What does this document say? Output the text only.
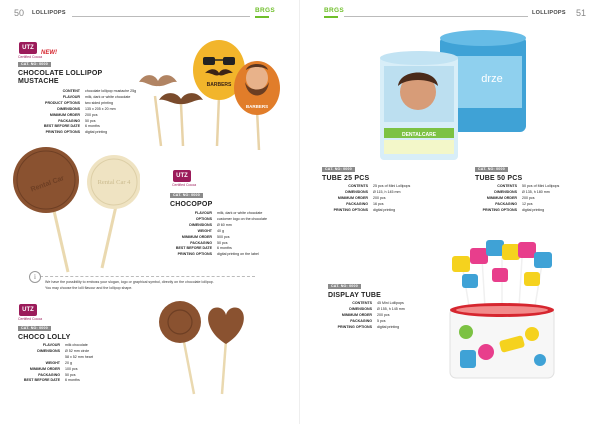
50 LOLLIPOPS
UTZ
Certified Cocoa
NEW!
CAT. NO: 0000
CHOCOLATE LOLLIPOP
MUSTACHE
CONTENT	chocolate lollipop mustache 25g
FLAVOUR	milk, dark or white chocolate
PRODUCT OPTIONS	two sided printing
DIMENSIONS	135 x 205 x 20 mm
MINIMUM ORDER	200 pcs
PACKAGING	50 pcs
BEST BEFORE DATE	6 months
PRINTING OPTIONS	digital printing
BARBERS
BARBERS
Rental Car	Rental Car 4
UTZ
Certified Cocoa
CAT. NO: 0000
CHOCOPOP
FLAVOUR	milk, dark or white chocolate
OPTIONS	customer logo on the chocolate
DIMENSIONS	Ø 60 mm
WEIGHT	40 g
MINIMUM ORDER	500 pcs
PACKAGING	50 pcs
BEST BEFORE DATE	6 months
PRINTING OPTIONS	digital printing on the label
i
We have the possibility to emboss your slogan, logo or graphical symbol, directly on the chocolate lollipop.
You may choose the lolli flavour and the lollipop shape.
UTZ
Certified Cocoa
CAT. NO: 0000
CHOCO LOLLY
FLAVOUR	milk chocolate
DIMENSIONS	Ø 52 mm circle
58 x 52 mm heart
WEIGHT	20 g
MINIMUM ORDER	100 pcs
PACKAGING	50 pcs
BEST BEFORE DATE	6 months
BRGS	LOLLIPOPS 51
BRGS
drze
DENTALCARE
CAT. NO: 0000
TUBE 25 PCS
CONTENTS	25 pcs of Mini Lollipops
DIMENSIONS	Ø 115, h 145 mm
MINIMUM ORDER	200 pcs
PACKAGING	16 pcs
PRINTING OPTIONS	digital printing
CAT. NO: 0000
TUBE 50 PCS
CONTENTS	50 pcs of Mini Lollipops
DIMENSIONS	Ø 135, h 180 mm
MINIMUM ORDER	200 pcs
PACKAGING	12 pcs
PRINTING OPTIONS	digital printing
CAT. NO: 0000
DISPLAY TUBE
CONTENTS	45 Mini Lollipops
DIMENSIONS	Ø 155, h 145 mm
MINIMUM ORDER	200 pcs
PACKAGING	5 pcs
PRINTING OPTIONS	digital printing
